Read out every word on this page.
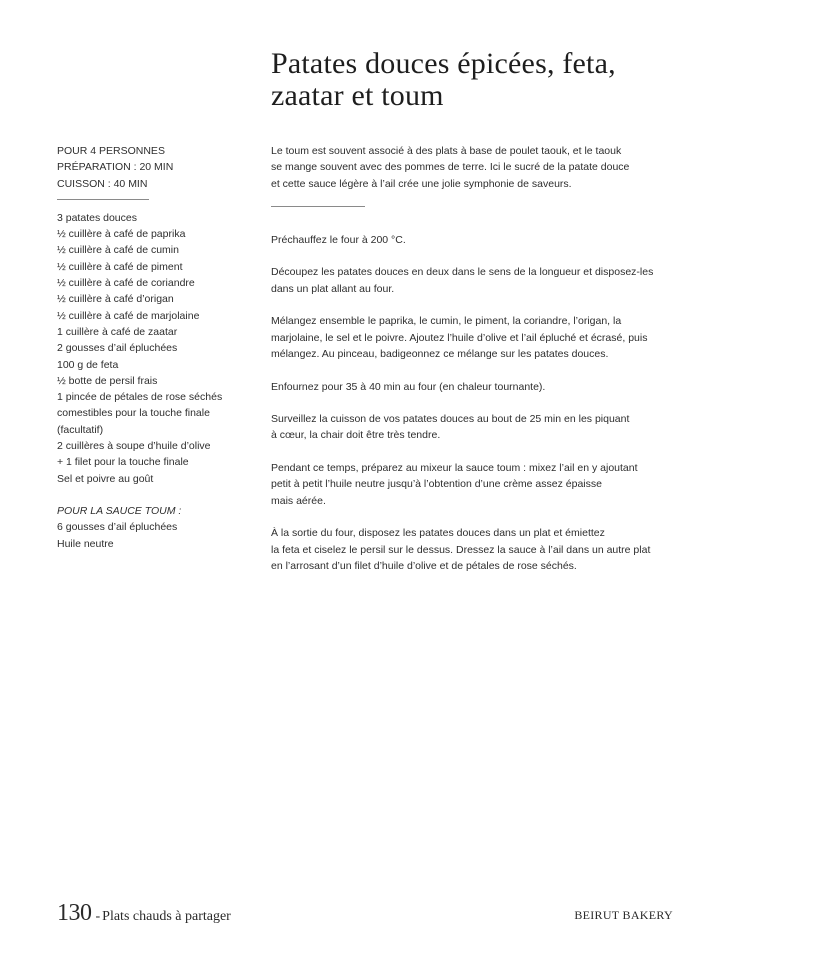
Patates douces épicées, feta,
zaatar et toum
POUR 4 PERSONNES
PRÉPARATION : 20 MIN
CUISSON : 40 MIN
3 patates douces
½ cuillère à café de paprika
½ cuillère à café de cumin
½ cuillère à café de piment
½ cuillère à café de coriandre
½ cuillère à café d’origan
½ cuillère à café de marjolaine
1 cuillère à café de zaatar
2 gousses d’ail épluchées
100 g de feta
½ botte de persil frais
1 pincée de pétales de rose séchés
comestibles pour la touche finale
(facultatif)
2 cuillères à soupe d’huile d’olive
+ 1 filet pour la touche finale
Sel et poivre au goût
POUR LA SAUCE TOUM :
6 gousses d’ail épluchées
Huile neutre

Le toum est souvent associé à des plats à base de poulet taouk, et le taouk
se mange souvent avec des pommes de terre. Ici le sucré de la patate douce
et cette sauce légère à l’ail crée une jolie symphonie de saveurs.

Préchauffez le four à 200 °C.

Découpez les patates douces en deux dans le sens de la longueur et disposez-les
dans un plat allant au four.

Mélangez ensemble le paprika, le cumin, le piment, la coriandre, l’origan, la
marjolaine, le sel et le poivre. Ajoutez l’huile d’olive et l’ail épluché et écrasé, puis
mélangez. Au pinceau, badigeonnez ce mélange sur les patates douces.

Enfournez pour 35 à 40 min au four (en chaleur tournante).

Surveillez la cuisson de vos patates douces au bout de 25 min en les piquant
à cœur, la chair doit être très tendre.

Pendant ce temps, préparez au mixeur la sauce toum : mixez l’ail en y ajoutant
petit à petit l’huile neutre jusqu’à l’obtention d’une crème assez épaisse
mais aérée.

À la sortie du four, disposez les patates douces dans un plat et émiettez
la feta et ciselez le persil sur le dessus. Dressez la sauce à l’ail dans un autre plat
en l’arrosant d’un filet d’huile d’olive et de pétales de rose séchés.

130 - Plats chauds à partager	BEIRUT BAKERY
